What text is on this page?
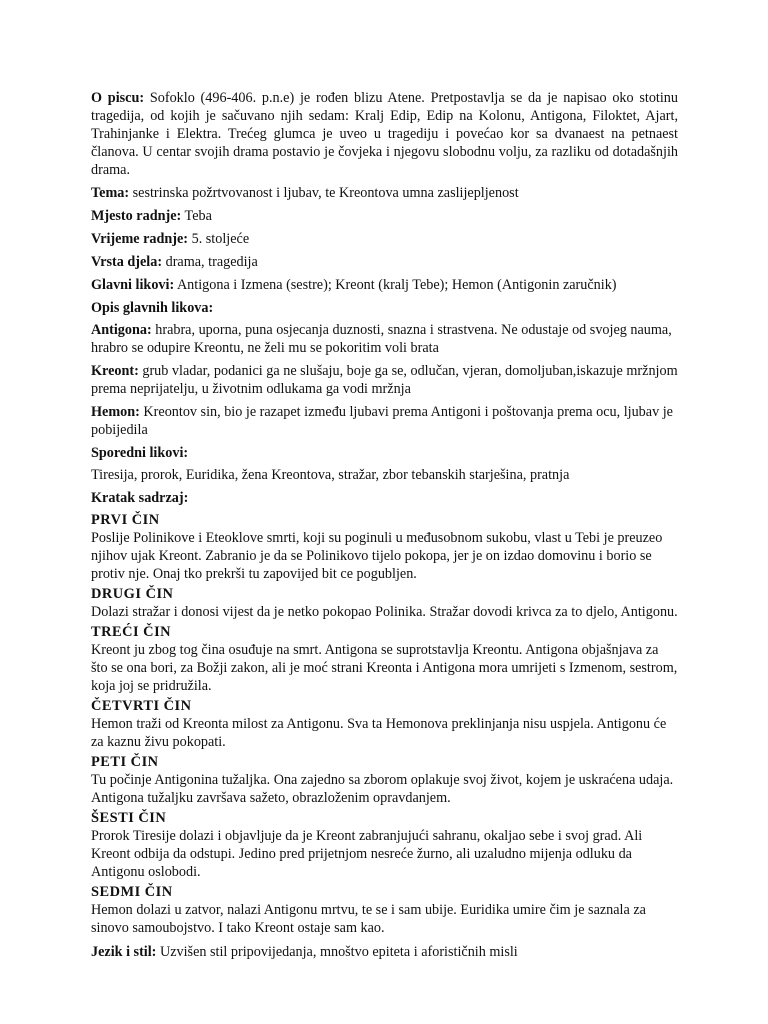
O piscu: Sofoklo (496-406. p.n.e) je rođen blizu Atene. Pretpostavlja se da je napisao oko stotinu tragedija, od kojih je sačuvano njih sedam: Kralj Edip, Edip na Kolonu, Antigona, Filoktet, Ajart, Trahinjanke i Elektra. Trećeg glumca je uveo u tragediju i povećao kor sa dvanaest na petnaest članova. U centar svojih drama postavio je čovjeka i njegovu slobodnu volju, za razliku od dotadašnjih drama.

Tema: sestrinska požrtvovanost i ljubav, te Kreontova umna zaslijepljenost

Mjesto radnje: Teba

Vrijeme radnje: 5. stoljeće

Vrsta djela: drama, tragedija

Glavni likovi: Antigona i Izmena (sestre); Kreont (kralj Tebe); Hemon (Antigonin zaručnik)

Opis glavnih likova:

Antigona: hrabra, uporna, puna osjecanja duznosti, snazna i strastvena. Ne odustaje od svojeg nauma, hrabro se odupire Kreontu, ne želi mu se pokoritim voli brata

Kreont: grub vladar, podanici ga ne slušaju, boje ga se, odlučan, vjeran, domoljuban,iskazuje mržnjom prema neprijatelju, u životnim odlukama ga vodi mržnja

Hemon: Kreontov sin, bio je razapet između ljubavi prema Antigoni i poštovanja prema ocu, ljubav je pobijedila

Sporedni likovi:

Tiresija, prorok, Euridika, žena Kreontova, stražar, zbor tebanskih starješina, pratnja

Kratak sadrzaj:

PRVI ČIN

Poslije Polinikove i Eteoklove smrti, koji su poginuli u međusobnom sukobu, vlast u Tebi je preuzeo njihov ujak Kreont. Zabranio je da se Polinikovo tijelo pokopa, jer je on izdao domovinu i borio se protiv nje. Onaj tko prekrši tu zapovijed bit ce pogubljen.

DRUGI ČIN

Dolazi stražar i donosi vijest da je netko pokopao Polinika. Stražar dovodi krivca za to djelo, Antigonu.

TREĆI ČIN

Kreont ju zbog tog čina osuđuje na smrt. Antigona se suprotstavlja Kreontu. Antigona objašnjava za što se ona bori, za Božji zakon, ali je moć strani Kreonta i Antigona mora umrijeti s Izmenom, sestrom, koja joj se pridružila.

ČETVRTI ČIN

Hemon traži od Kreonta milost za Antigonu. Sva ta Hemonova preklinjanja nisu uspjela. Antigonu će za kaznu živu pokopati.

PETI ČIN

Tu počinje Antigonina tužaljka. Ona zajedno sa zborom oplakuje svoj život, kojem je uskraćena udaja. Antigona tužaljku završava sažeto, obrazloženim opravdanjem.

ŠESTI ČIN

Prorok Tiresije dolazi i objavljuje da je Kreont zabranjujući sahranu, okaljao sebe i svoj grad. Ali Kreont odbija da odstupi. Jedino pred prijetnjom nesreće žurno, ali uzaludno mijenja odluku da Antigonu oslobodi.

SEDMI ČIN

Hemon dolazi u zatvor, nalazi Antigonu mrtvu, te se i sam ubije. Euridika umire čim je saznala za sinovo samoubojstvo. I tako Kreont ostaje sam kao.

Jezik i stil: Uzvišen stil pripovijedanja, mnoštvo epiteta i aforističnih misli
